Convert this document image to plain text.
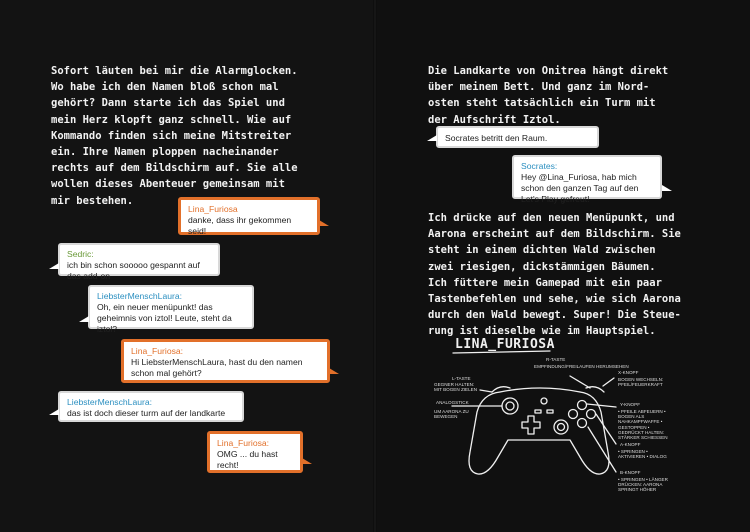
Sofort läuten bei mir die Alarmglocken.
Wo habe ich den Namen bloß schon mal
gehört? Dann starte ich das Spiel und
mein Herz klopft ganz schnell. Wie auf
Kommando finden sich meine Mitstreiter
ein. Ihre Namen ploppen nacheinander
rechts auf dem Bildschirm auf. Sie alle
wollen dieses Abenteuer gemeinsam mit
mir bestehen.
Lina_Furiosa
danke, dass ihr gekommen seid!
Sedric:
ich bin schon sooooo gespannt auf das add-on
LiebsterMenschLaura:
Oh, ein neuer menüpunkt! das geheimnis von iztol! Leute, steht da iztol?
Lina_Furiosa:
Hi LiebsterMenschLaura, hast du den namen schon mal gehört?
LiebsterMenschLaura:
das ist doch dieser turm auf der landkarte
Lina_Furiosa:
OMG ... du hast recht!
Die Landkarte von Onitrea hängt direkt
über meinem Bett. Und ganz im Nord-
osten steht tatsächlich ein Turm mit
der Aufschrift Iztol.
Socrates betritt den Raum.
Socrates:
Hey @Lina_Furiosa, hab mich schon den ganzen Tag auf den Let's Play gefreut!
Ich drücke auf den neuen Menüpunkt, und
Aarona erscheint auf dem Bildschirm. Sie
steht in einem dichten Wald zwischen
zwei riesigen, dickstämmigen Bäumen.
Ich füttere mein Gamepad mit ein paar
Tastenbefehlen und sehe, wie sich Aarona
durch den Wald bewegt. Super! Die Steue-
rung ist dieselbe wie im Hauptspiel.
LINA_FURIOSA
L-TASTE
GEGNER HALTEN: MIT BOGEN ZIELEN
ANALOGSTICK
UM AARONA ZU BEWEGEN
R-TASTE
EMPFINDUNG/FREILAUFEN HERUMSEHEN
X-KNOPF
BOGEN WECHSELN: PFEIL/FEUERKRAFT
Y-KNOPF
• PFEILE ABFEUERN • BOGEN ALS NAHKAMPFWAFFE • GESTOPPEN • GEDRÜCKT HALTEN: STÄRKER SCHIESSEN
A-KNOPF
• SPRINGEN • AKTIVIEREN • DIALOG
B-KNOPF
• SPRINGEN • LÄNGER DRÜCKEN: AARONA SPRINGT HÖHER
